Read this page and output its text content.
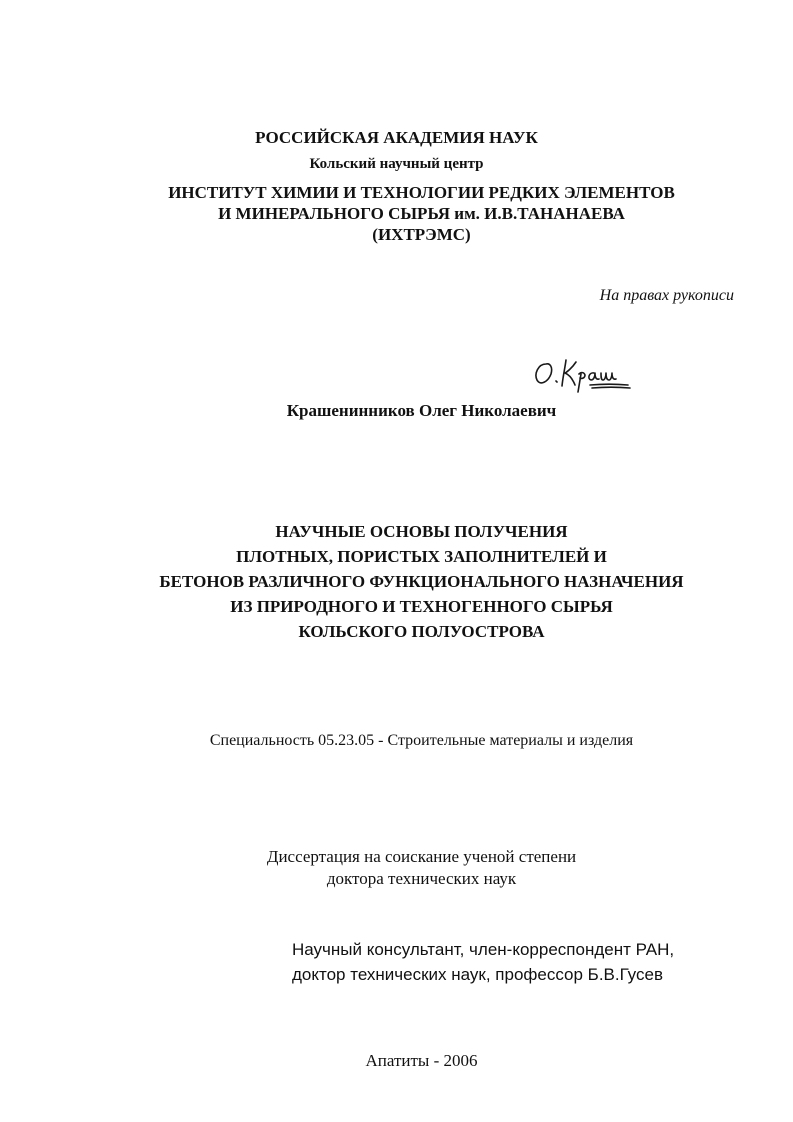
РОССИЙСКАЯ АКАДЕМИЯ НАУК
Кольский научный центр
ИНСТИТУТ ХИМИИ И ТЕХНОЛОГИИ РЕДКИХ ЭЛЕМЕНТОВ
И МИНЕРАЛЬНОГО СЫРЬЯ им. И.В.ТАНАНАЕВА
(ИХТРЭМС)
На правах рукописи
Крашенинников Олег Николаевич
НАУЧНЫЕ ОСНОВЫ ПОЛУЧЕНИЯ
ПЛОТНЫХ, ПОРИСТЫХ ЗАПОЛНИТЕЛЕЙ И
БЕТОНОВ РАЗЛИЧНОГО ФУНКЦИОНАЛЬНОГО НАЗНАЧЕНИЯ
ИЗ ПРИРОДНОГО И ТЕХНОГЕННОГО СЫРЬЯ
КОЛЬСКОГО ПОЛУОСТРОВА
Специальность 05.23.05 - Строительные материалы и изделия
Диссертация на соискание ученой степени
доктора технических наук
Научный консультант, член-корреспондент РАН,
доктор технических наук, профессор Б.В.Гусев
Апатиты - 2006
